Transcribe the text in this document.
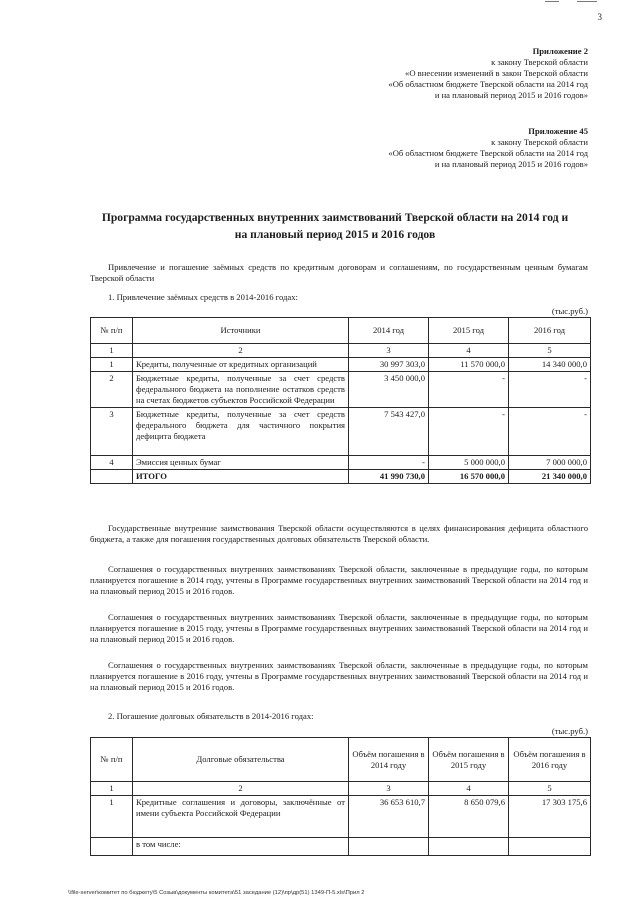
3
Приложение 2
к закону Тверской области
«О внесении изменений в закон Тверской области
«Об областном бюджете Тверской области на 2014 год
и на плановый период 2015 и 2016 годов»
Приложение 45
к закону Тверской области
«Об областном бюджете Тверской области на 2014 год
и на плановый период 2015 и 2016 годов»
Программа государственных внутренних заимствований Тверской области на 2014 год и
на плановый период 2015 и 2016 годов
Привлечение и погашение заёмных средств по кредитным договорам и соглашениям, по государственным ценным бумагам Тверской области
1. Привлечение заёмных средств в 2014-2016 годах:
(тыс.руб.)
№ п/п	Источники	2014 год	2015 год	2016 год
1	2	3	4	5
1	Кредиты, полученные от кредитных организаций	30 997 303,0	11 570 000,0	14 340 000,0
2	Бюджетные кредиты, полученные за счет средств федерального бюджета на пополнение остатков средств на счетах бюджетов субъектов Российской Федерации	3 450 000,0	-	-
3	Бюджетные кредиты, полученные за счет средств федерального бюджета для частичного покрытия дефицита бюджета	7 543 427,0	-	-
4	Эмиссия ценных бумаг	-	5 000 000,0	7 000 000,0
	ИТОГО	41 990 730,0	16 570 000,0	21 340 000,0
Государственные внутренние заимствования Тверской области осуществляются в целях финансирования дефицита областного бюджета, а также для погашения государственных долговых обязательств Тверской области.
Соглашения о государственных внутренних заимствованиях Тверской области, заключенные в предыдущие годы, по которым планируется погашение в 2014 году, учтены в Программе государственных внутренних заимствований Тверской области на 2014 год и на плановый период 2015 и 2016 годов.
Соглашения о государственных внутренних заимствованиях Тверской области, заключенные в предыдущие годы, по которым планируется погашение в 2015 году, учтены в Программе государственных внутренних заимствований Тверской области на 2014 год и на плановый период 2015 и 2016 годов.
Соглашения о государственных внутренних заимствованиях Тверской области, заключенные в предыдущие годы, по которым планируется погашение в 2016 году, учтены в Программе государственных внутренних заимствований Тверской области на 2014 год и на плановый период 2015 и 2016 годов.
2. Погашение долговых обязательств в 2014-2016 годах:
(тыс.руб.)
№ п/п	Долговые обязательства	Объём погашения в 2014 году	Объём погашения в 2015 году	Объём погашения в 2016 году
1	2	3	4	5
1	Кредитные соглашения и договоры, заключённые от имени субъекта Российской Федерации	36 653 610,7	8 650 079,6	17 303 175,6
	в том числе:			
\\file-server\комитет по бюджету\5 Созыв\документы комитета\51 заседание (12)\пр\др(51) 1349-П-5.xls\Прил 2
